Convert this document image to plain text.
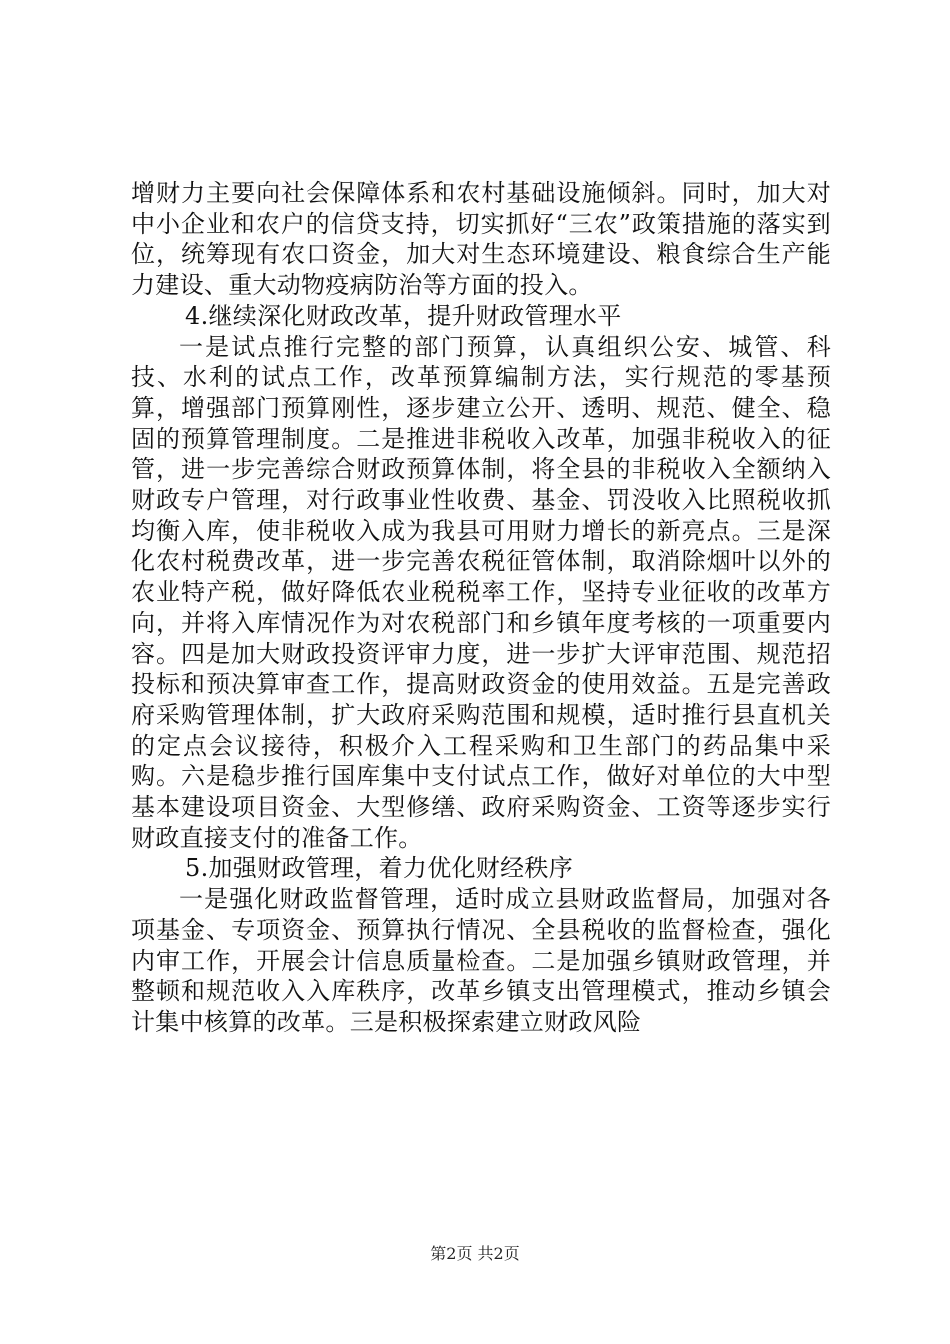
增财力主要向社会保障体系和农村基础设施倾斜。同时，加大对中小企业和农户的信贷支持，切实抓好“三农”政策措施的落实到位，统筹现有农口资金，加大对生态环境建设、粮食综合生产能力建设、重大动物疫病防治等方面的投入。

4.继续深化财政改革，提升财政管理水平

一是试点推行完整的部门预算，认真组织公安、城管、科技、水利的试点工作，改革预算编制方法，实行规范的零基预算，增强部门预算刚性，逐步建立公开、透明、规范、健全、稳固的预算管理制度。二是推进非税收入改革，加强非税收入的征管，进一步完善综合财政预算体制，将全县的非税收入全额纳入财政专户管理，对行政事业性收费、基金、罚没收入比照税收抓均衡入库，使非税收入成为我县可用财力增长的新亮点。三是深化农村税费改革，进一步完善农税征管体制，取消除烟叶以外的农业特产税，做好降低农业税税率工作，坚持专业征收的改革方向，并将入库情况作为对农税部门和乡镇年度考核的一项重要内容。四是加大财政投资评审力度，进一步扩大评审范围、规范招投标和预决算审查工作，提高财政资金的使用效益。五是完善政府采购管理体制，扩大政府采购范围和规模，适时推行县直机关的定点会议接待，积极介入工程采购和卫生部门的药品集中采购。六是稳步推行国库集中支付试点工作，做好对单位的大中型基本建设项目资金、大型修缮、政府采购资金、工资等逐步实行财政直接支付的准备工作。

5.加强财政管理，着力优化财经秩序

一是强化财政监督管理，适时成立县财政监督局，加强对各项基金、专项资金、预算执行情况、全县税收的监督检查，强化内审工作，开展会计信息质量检查。二是加强乡镇财政管理，并整顿和规范收入入库秩序，改革乡镇支出管理模式，推动乡镇会计集中核算的改革。三是积极探索建立财政风险

第2页 共2页
